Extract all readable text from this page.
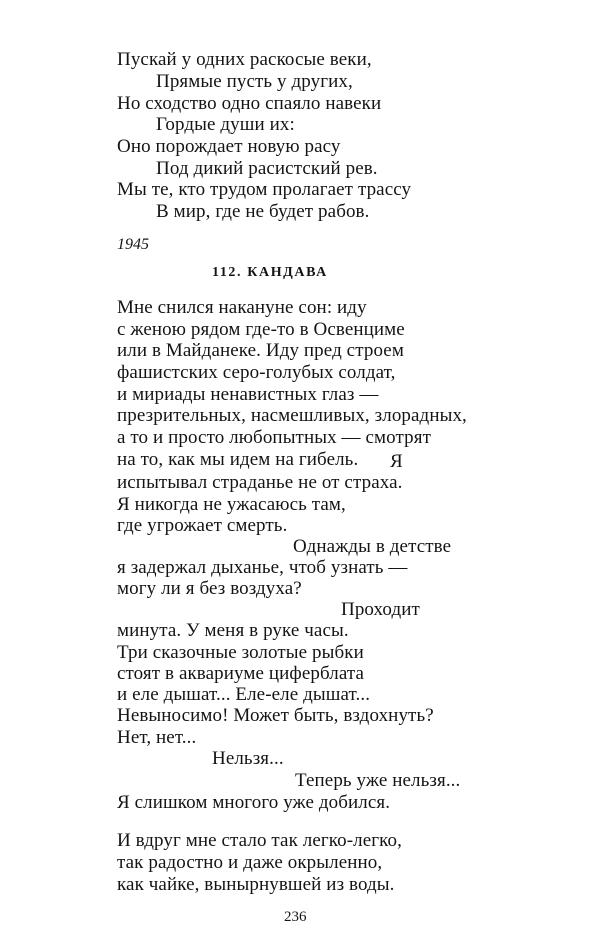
Пускай у одних раскосые веки,
Прямые пусть у других,
Но сходство одно спаяло навеки
Гордые души их:
Оно порождает новую расу
Под дикий расистский рев.
Мы те, кто трудом пролагает трассу
В мир, где не будет рабов.
1945
112. КАНДАВА
Мне снился накануне сон: иду
с женою рядом где-то в Освенциме
или в Майданеке. Иду пред строем
фашистских серо-голубых солдат,
и мириады ненавистных глаз —
презрительных, насмешливых, злорадных,
а то и просто любопытных — смотрят
на то, как мы идем на гибель. Я
испытывал страданье не от страха.
Я никогда не ужасаюсь там,
где угрожает смерть.
Однажды в детстве
я задержал дыханье, чтоб узнать —
могу ли я без воздуха?
Проходит
минута. У меня в руке часы.
Три сказочные золотые рыбки
стоят в аквариуме циферблата
и еле дышат... Еле-еле дышат...
Невыносимо! Может быть, вздохнуть?
Нет, нет...
Нельзя...
Теперь уже нельзя...
Я слишком многого уже добился.
И вдруг мне стало так легко-легко,
так радостно и даже окрыленно,
как чайке, вынырнувшей из воды.
236
